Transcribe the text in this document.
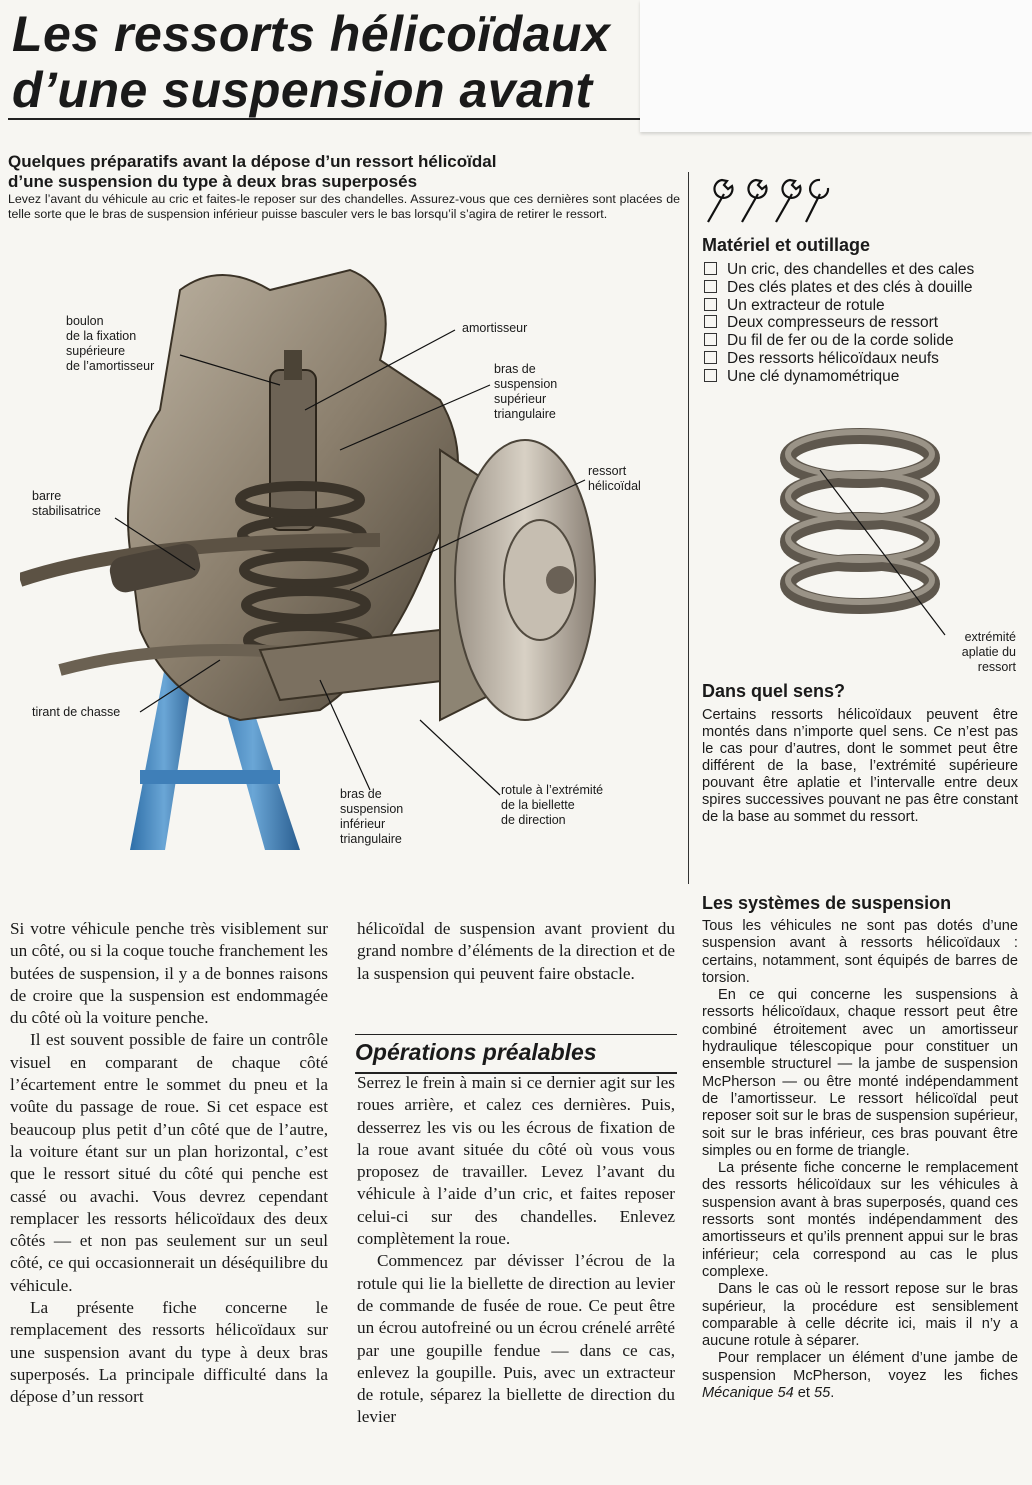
Les ressorts hélicoïdaux
d’une suspension avant
Quelques préparatifs avant la dépose d’un ressort hélicoïdal
d’une suspension du type à deux bras superposés
Levez l’avant du véhicule au cric et faites-le reposer sur des chandelles. Assurez-vous que ces dernières sont placées de telle sorte que le bras de suspension inférieur puisse basculer vers le bas lorsqu’il s’agira de retirer le ressort.
boulon
de la fixation
supérieure
de l’amortisseur
amortisseur
bras de
suspension
supérieur
triangulaire
ressort
hélicoïdal
barre
stabilisatrice
tirant de chasse
bras de
suspension
inférieur
triangulaire
rotule à l’extrémité
de la biellette
de direction
Matériel et outillage
Un cric, des chandelles et des cales
Des clés plates et des clés à douille
Un extracteur de rotule
Deux compresseurs de ressort
Du fil de fer ou de la corde solide
Des ressorts hélicoïdaux neufs
Une clé dynamométrique
extrémité
aplatie du
ressort
Dans quel sens?
Certains ressorts hélicoïdaux peuvent être montés dans n’importe quel sens. Ce n’est pas le cas pour d’autres, dont le sommet peut être différent de la base, l’extrémité supérieure pouvant être aplatie et l’intervalle entre deux spires successives pouvant ne pas être constant de la base au sommet du ressort.
Les systèmes de suspension

Tous les véhicules ne sont pas dotés d’une suspension avant à ressorts hélicoïdaux : certains, notamment, sont équipés de barres de torsion.

En ce qui concerne les suspensions à ressorts hélicoïdaux, chaque ressort peut être combiné étroitement avec un amortisseur hydraulique télescopique pour constituer un ensemble structurel — la jambe de suspension McPherson — ou être monté indépendamment de l’amortisseur. Le ressort hélicoïdal peut reposer soit sur le bras de suspension supérieur, soit sur le bras inférieur, ces bras pouvant être simples ou en forme de triangle.

La présente fiche concerne le remplacement des ressorts hélicoïdaux sur les véhicules à suspension avant à bras superposés, quand ces ressorts sont montés indépendamment des amortisseurs et qu’ils prennent appui sur le bras inférieur; cela correspond au cas le plus complexe.

Dans le cas où le ressort repose sur le bras supérieur, la procédure est sensiblement comparable à celle décrite ici, mais il n’y a aucune rotule à séparer.

Pour remplacer un élément d’une jambe de suspension McPherson, voyez les fiches Mécanique 54 et 55.

Si votre véhicule penche très visiblement sur un côté, ou si la coque touche franchement les butées de suspension, il y a de bonnes raisons de croire que la suspension est endommagée du côté où la voiture penche.

Il est souvent possible de faire un contrôle visuel en comparant de chaque côté l’écartement entre le sommet du pneu et la voûte du passage de roue. Si cet espace est beaucoup plus petit d’un côté que de l’autre, la voiture étant sur un plan horizontal, c’est que le ressort situé du côté qui penche est cassé ou avachi. Vous devrez cependant remplacer les ressorts hélicoïdaux des deux côtés — et non pas seulement sur un seul côté, ce qui occasionnerait un déséquilibre du véhicule.

La présente fiche concerne le remplacement des ressorts hélicoïdaux sur une suspension avant du type à deux bras superposés. La principale difficulté dans la dépose d’un ressort

hélicoïdal de suspension avant provient du grand nombre d’éléments de la direction et de la suspension qui peuvent faire obstacle.

Opérations préalables

Serrez le frein à main si ce dernier agit sur les roues arrière, et calez ces dernières. Puis, desserrez les vis ou les écrous de fixation de la roue avant située du côté où vous vous proposez de travailler. Levez l’avant du véhicule à l’aide d’un cric, et faites reposer celui-ci sur des chandelles. Enlevez complètement la roue.

Commencez par dévisser l’écrou de la rotule qui lie la biellette de direction au levier de commande de fusée de roue. Ce peut être un écrou autofreiné ou un écrou crénelé arrêté par une goupille fendue — dans ce cas, enlevez la goupille. Puis, avec un extracteur de rotule, séparez la biellette de direction du levier
